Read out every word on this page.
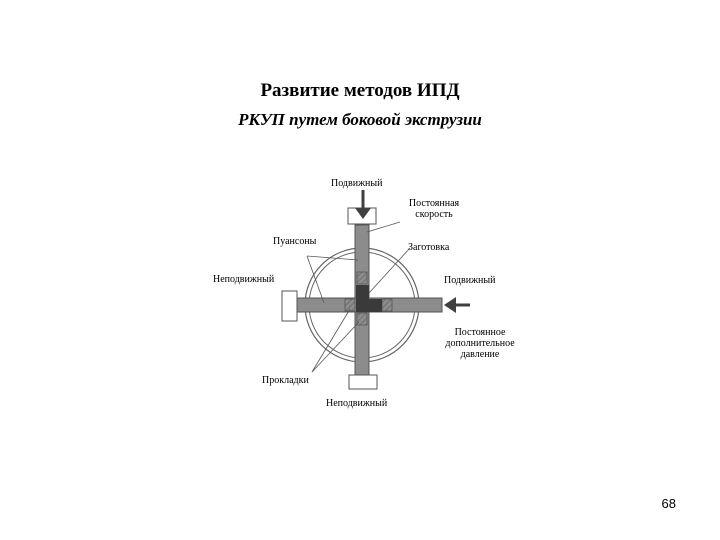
Развитие методов ИПД
РКУП путем боковой экструзии
Подвижный
Постоянная скорость
Пуансоны
Заготовка
Неподвижный	Подвижный
Постоянное дополнительное давление
Прокладки
Неподвижный
68
